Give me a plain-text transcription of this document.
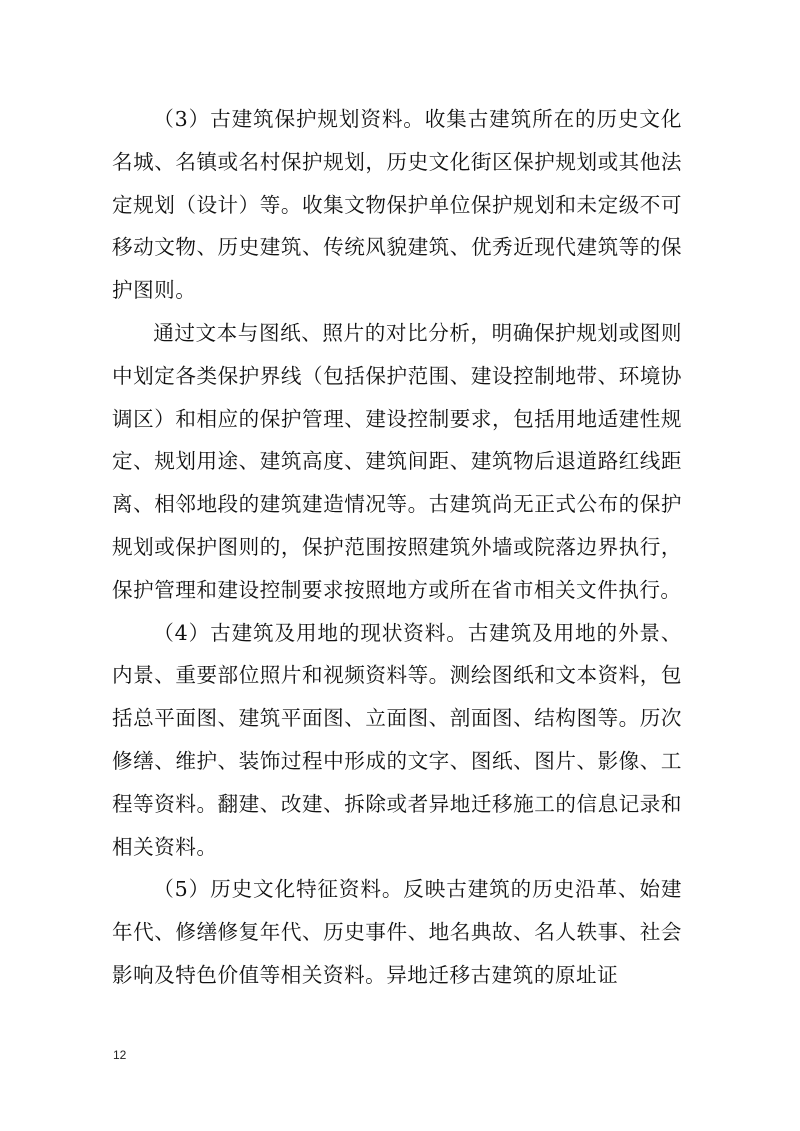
（3）古建筑保护规划资料。收集古建筑所在的历史文化名城、名镇或名村保护规划，历史文化街区保护规划或其他法定规划（设计）等。收集文物保护单位保护规划和未定级不可移动文物、历史建筑、传统风貌建筑、优秀近现代建筑等的保护图则。

通过文本与图纸、照片的对比分析，明确保护规划或图则中划定各类保护界线（包括保护范围、建设控制地带、环境协调区）和相应的保护管理、建设控制要求，包括用地适建性规定、规划用途、建筑高度、建筑间距、建筑物后退道路红线距离、相邻地段的建筑建造情况等。古建筑尚无正式公布的保护规划或保护图则的，保护范围按照建筑外墙或院落边界执行，保护管理和建设控制要求按照地方或所在省市相关文件执行。

（4）古建筑及用地的现状资料。古建筑及用地的外景、内景、重要部位照片和视频资料等。测绘图纸和文本资料，包括总平面图、建筑平面图、立面图、剖面图、结构图等。历次修缮、维护、装饰过程中形成的文字、图纸、图片、影像、工程等资料。翻建、改建、拆除或者异地迁移施工的信息记录和相关资料。

（5）历史文化特征资料。反映古建筑的历史沿革、始建年代、修缮修复年代、历史事件、地名典故、名人轶事、社会影响及特色价值等相关资料。异地迁移古建筑的原址证

12
